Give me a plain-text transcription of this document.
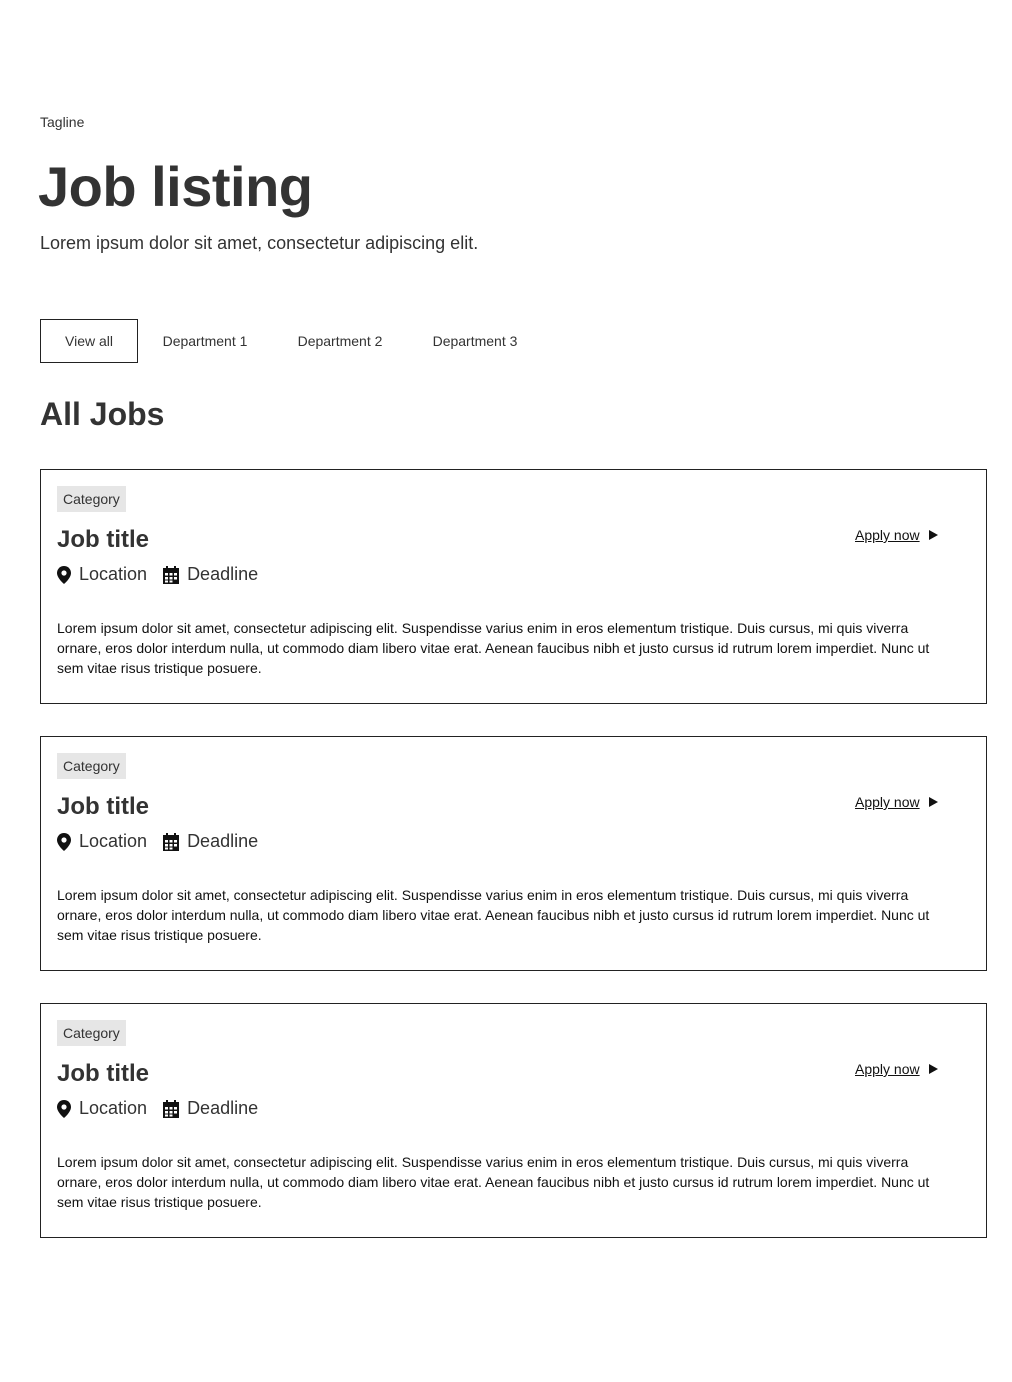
Tagline
Job listing
Lorem ipsum dolor sit amet, consectetur adipiscing elit.
View all	Department 1	Department 2	Department 3
All Jobs
Category
Job title	Apply now
Location Deadline

Lorem ipsum dolor sit amet, consectetur adipiscing elit. Suspendisse varius enim in eros elementum tristique. Duis cursus, mi quis viverra ornare, eros dolor interdum nulla, ut commodo diam libero vitae erat. Aenean faucibus nibh et justo cursus id rutrum lorem imperdiet. Nunc ut sem vitae risus tristique posuere.

Category
Job title	Apply now
Location Deadline

Lorem ipsum dolor sit amet, consectetur adipiscing elit. Suspendisse varius enim in eros elementum tristique. Duis cursus, mi quis viverra ornare, eros dolor interdum nulla, ut commodo diam libero vitae erat. Aenean faucibus nibh et justo cursus id rutrum lorem imperdiet. Nunc ut sem vitae risus tristique posuere.

Category
Job title	Apply now
Location Deadline

Lorem ipsum dolor sit amet, consectetur adipiscing elit. Suspendisse varius enim in eros elementum tristique. Duis cursus, mi quis viverra ornare, eros dolor interdum nulla, ut commodo diam libero vitae erat. Aenean faucibus nibh et justo cursus id rutrum lorem imperdiet. Nunc ut sem vitae risus tristique posuere.
